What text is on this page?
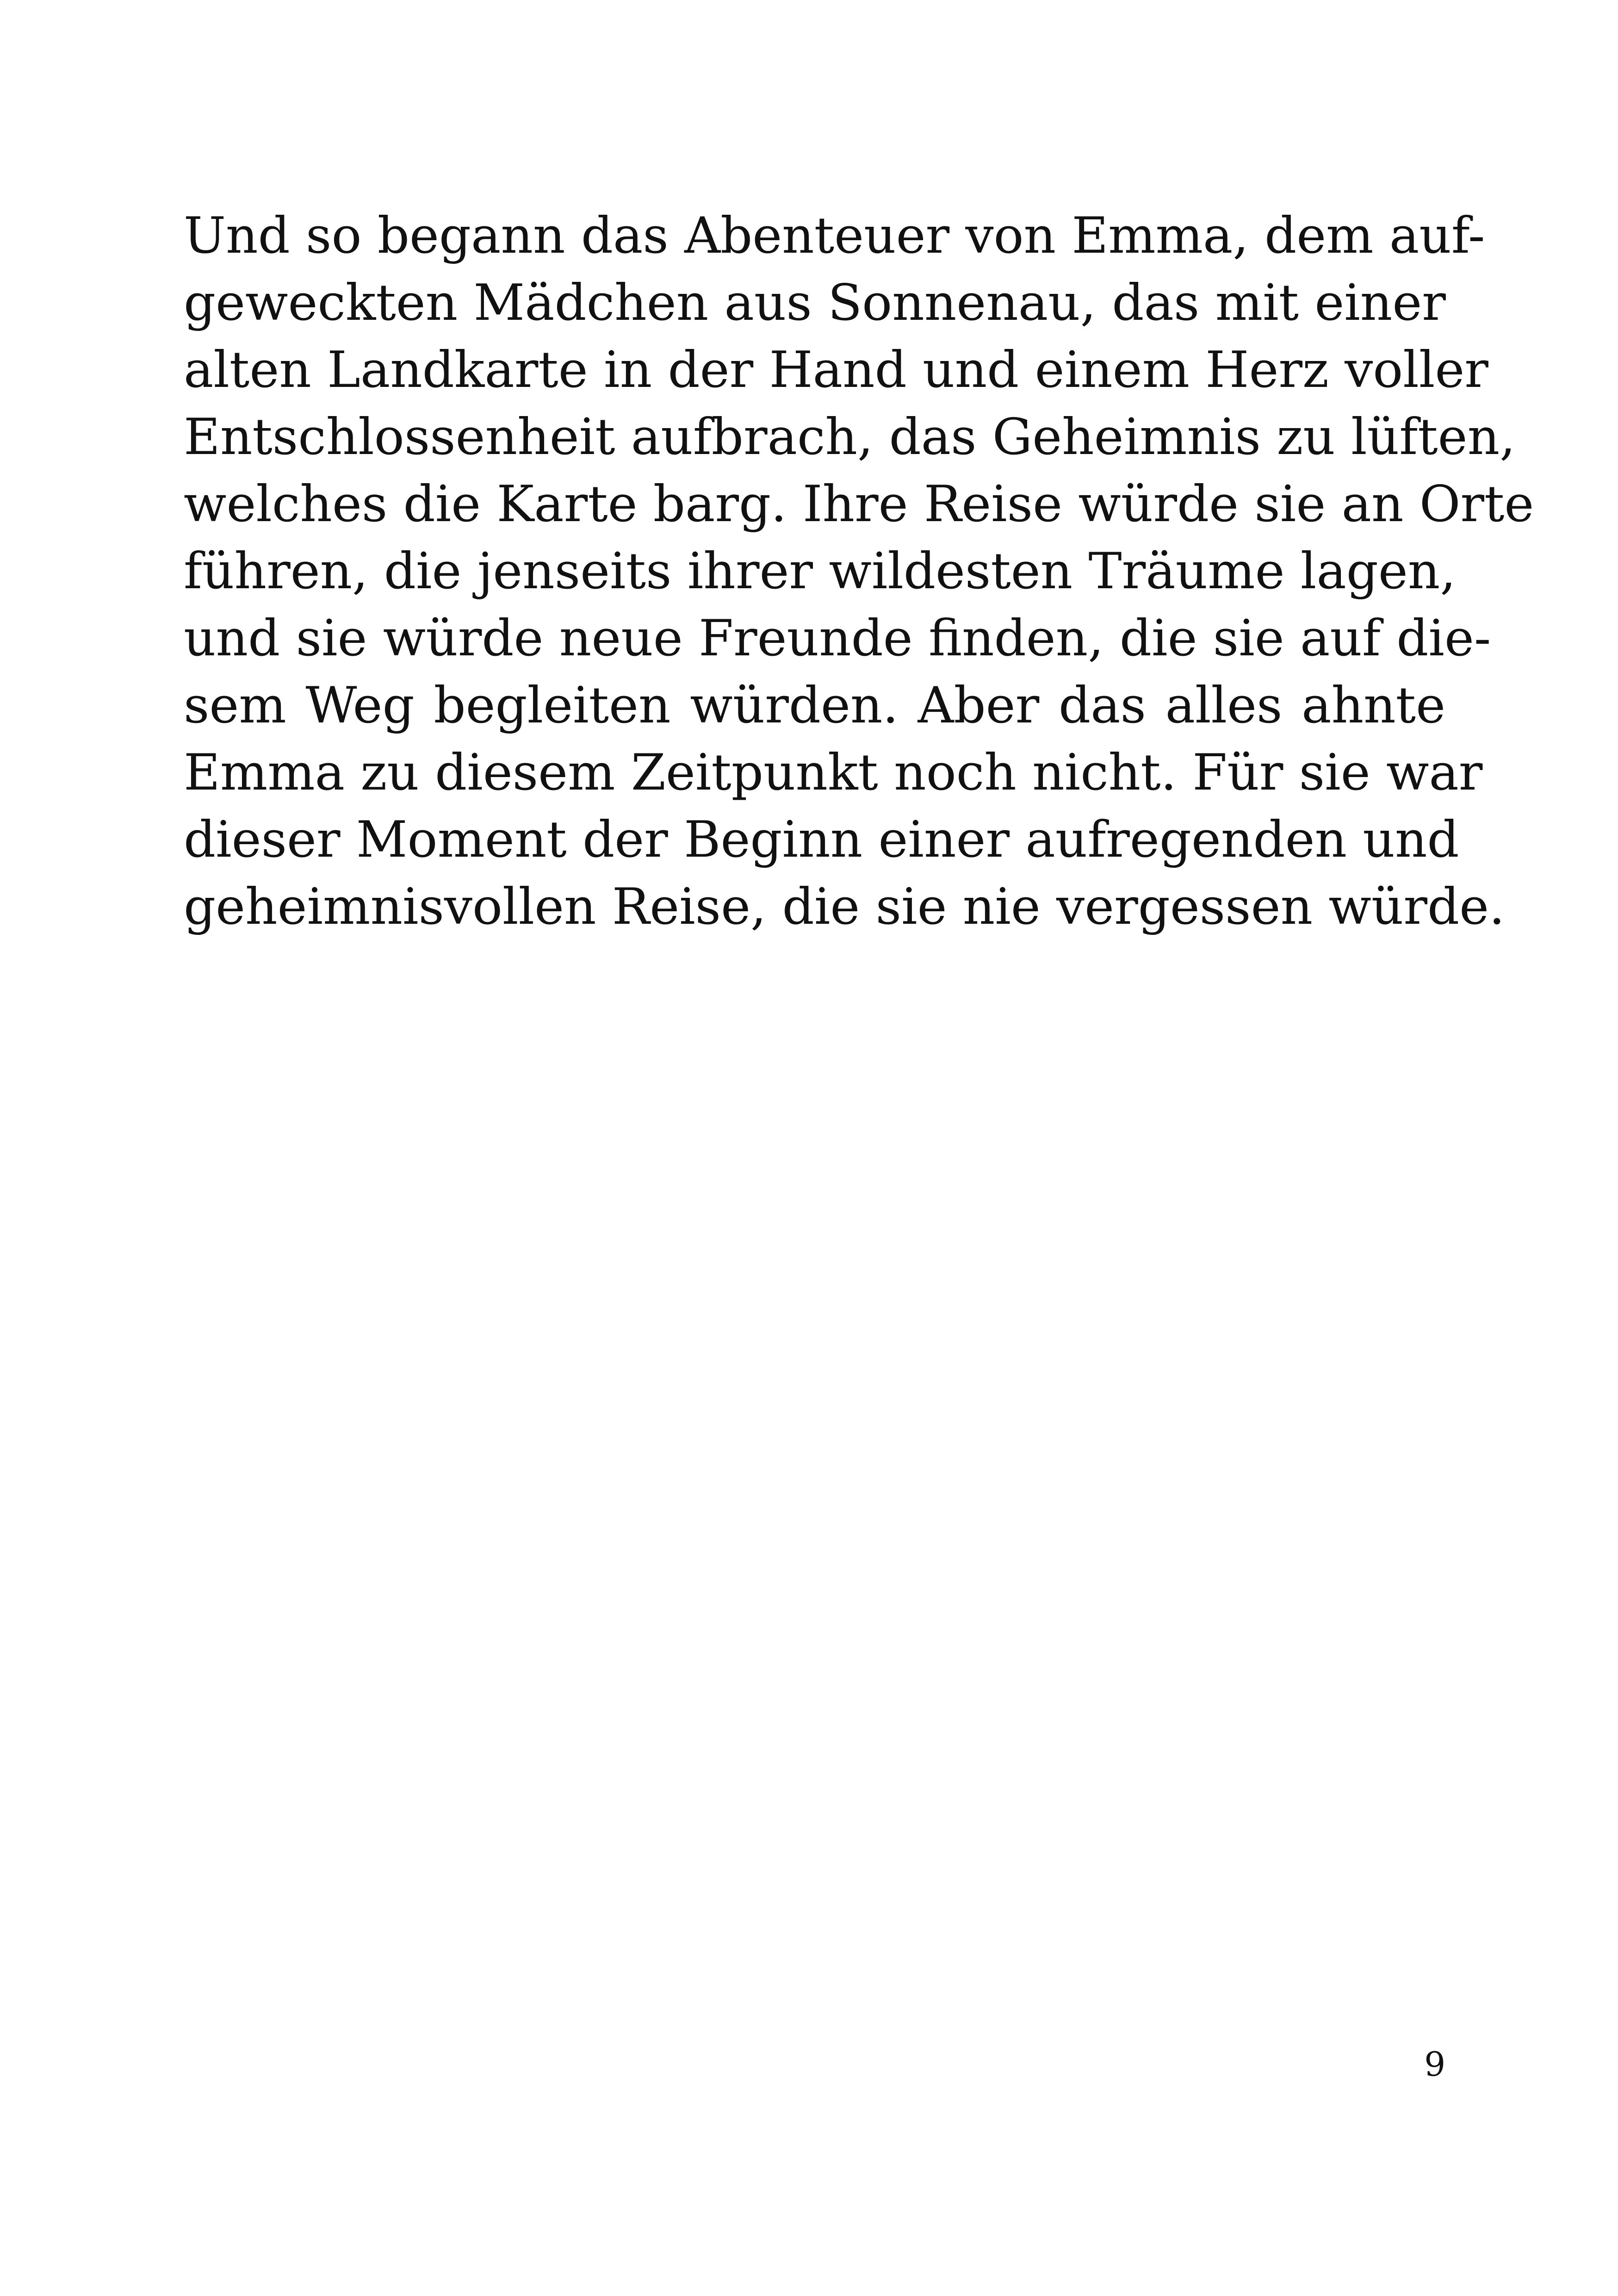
Und so begann das Abenteuer von Emma, dem auf-
geweckten Mädchen aus Sonnenau, das mit einer
alten Landkarte in der Hand und einem Herz voller
Entschlossenheit aufbrach, das Geheimnis zu lüften,
welches die Karte barg. Ihre Reise würde sie an Orte
führen, die jenseits ihrer wildesten Träume lagen,
und sie würde neue Freunde finden, die sie auf die-
sem Weg begleiten würden. Aber das alles ahnte
Emma zu diesem Zeitpunkt noch nicht. Für sie war
dieser Moment der Beginn einer aufregenden und
geheimnisvollen Reise, die sie nie vergessen würde.
9
